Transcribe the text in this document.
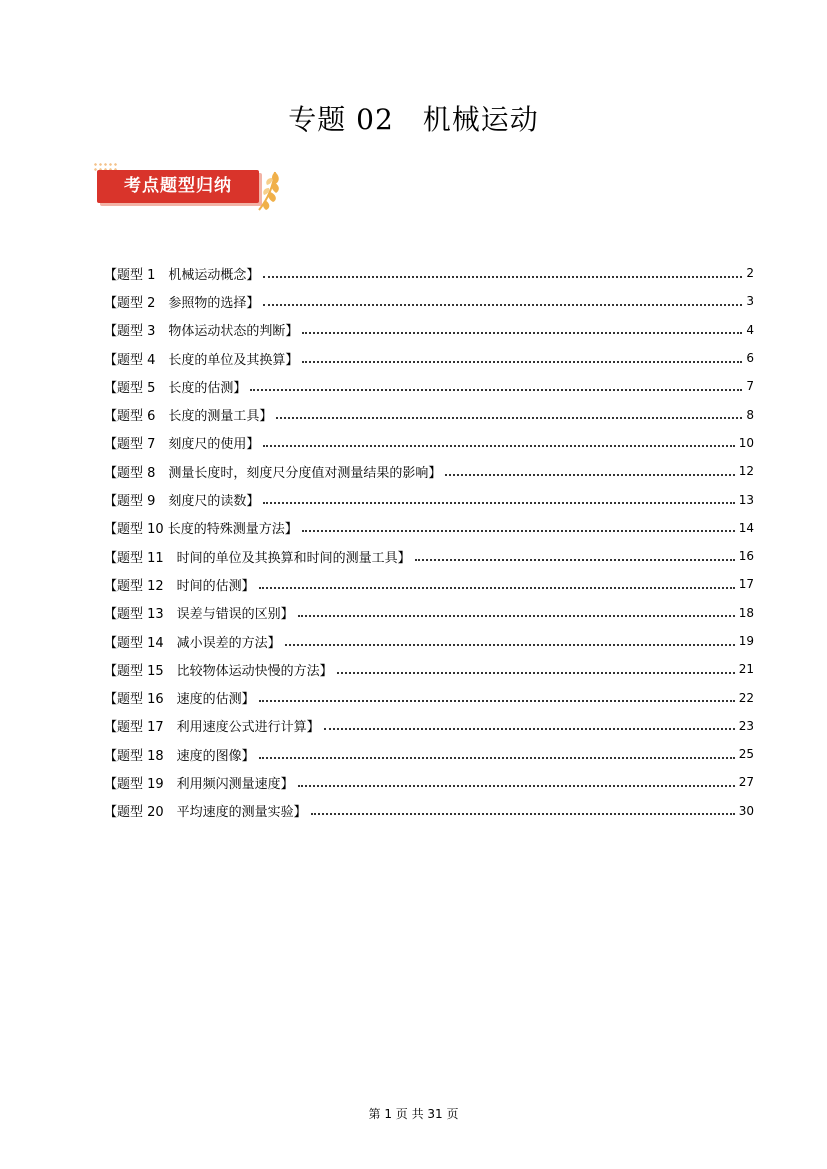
专题 02　机械运动
考点题型归纳
【题型 1　机械运动概念】	2
【题型 2　参照物的选择】	3
【题型 3　物体运动状态的判断】	4
【题型 4　长度的单位及其换算】	6
【题型 5　长度的估测】	7
【题型 6　长度的测量工具】	8
【题型 7　刻度尺的使用】	10
【题型 8　测量长度时，刻度尺分度值对测量结果的影响】	12
【题型 9　刻度尺的读数】	13
【题型 10 长度的特殊测量方法】	14
【题型 11　时间的单位及其换算和时间的测量工具】	16
【题型 12　时间的估测】	17
【题型 13　误差与错误的区别】	18
【题型 14　减小误差的方法】	19
【题型 15　比较物体运动快慢的方法】	21
【题型 16　速度的估测】	22
【题型 17　利用速度公式进行计算】	23
【题型 18　速度的图像】	25
【题型 19　利用频闪测量速度】	27
【题型 20　平均速度的测量实验】	30
第 1 页 共 31 页
